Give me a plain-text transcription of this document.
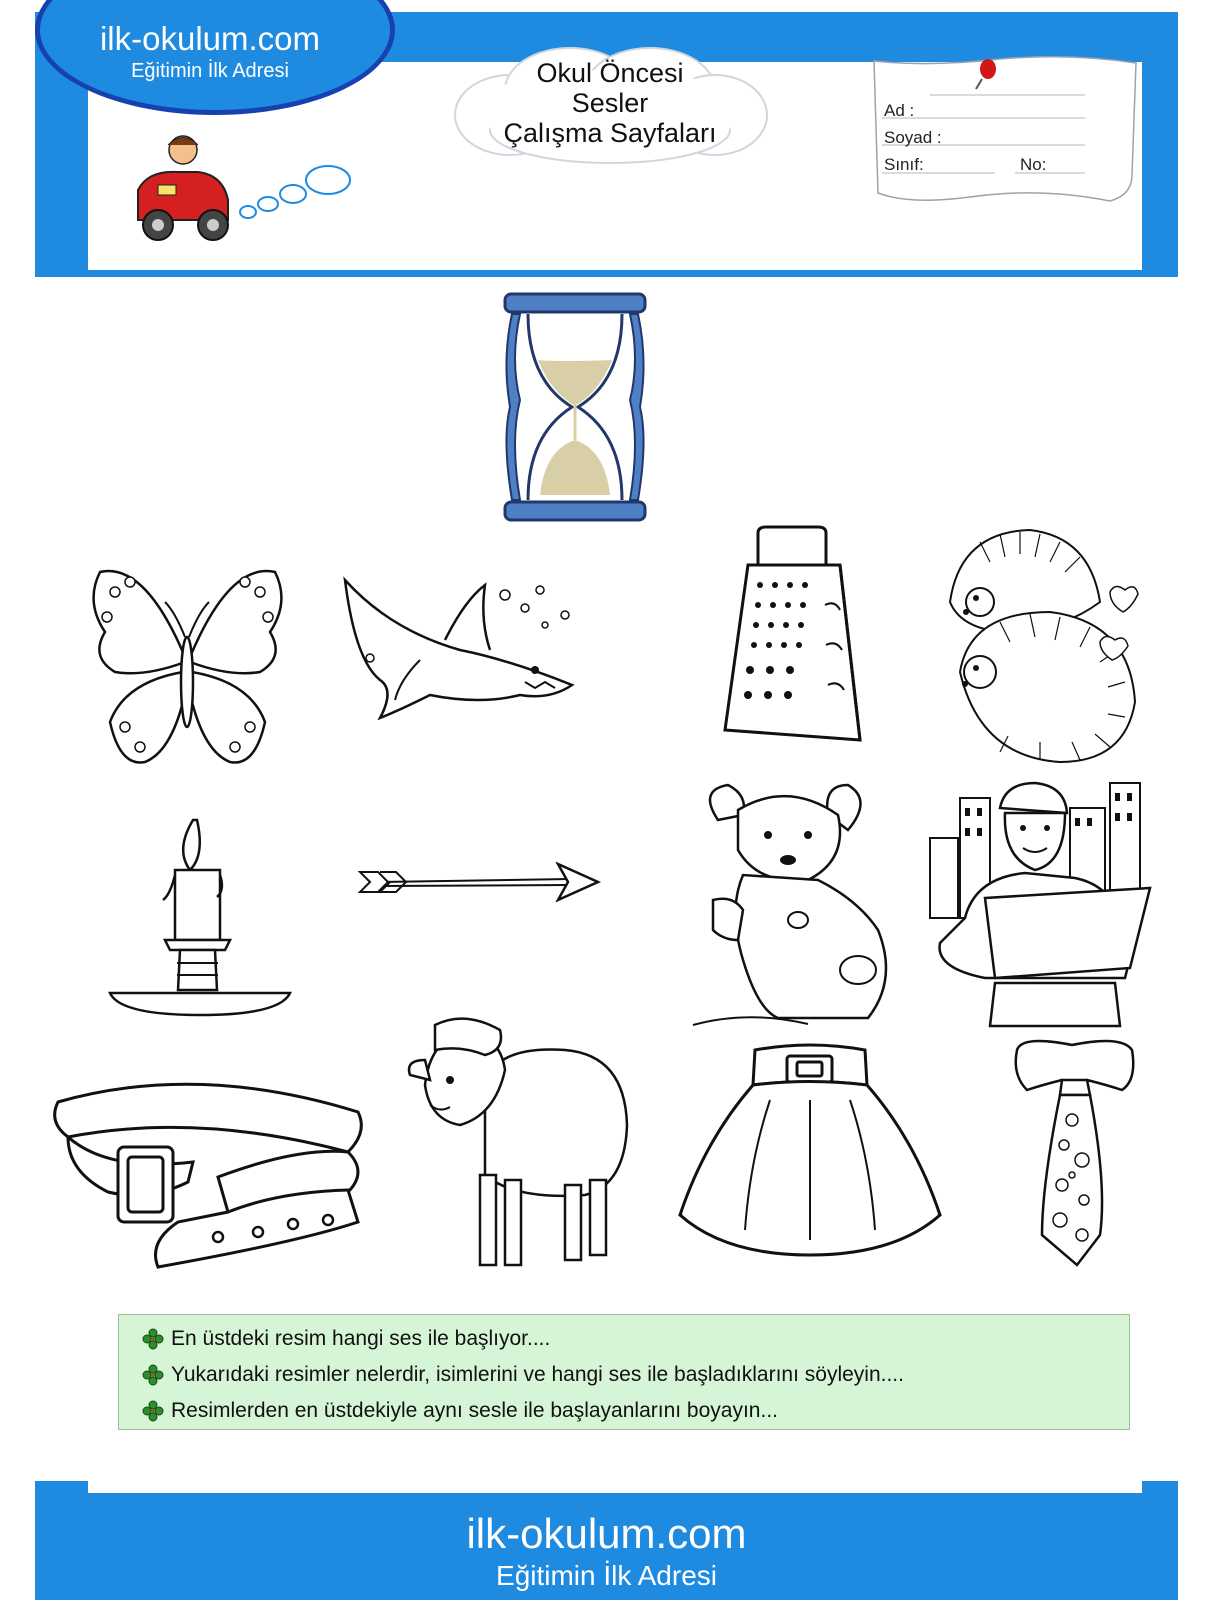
ilk-okulum.com
Eğitimin İlk Adresi	Okul Öncesi
Sesler
Çalışma Sayfaları
Ad :
Soyad :
Sınıf:	No:
En üstdeki resim hangi ses ile başlıyor....
Yukarıdaki resimler nelerdir, isimlerini ve hangi ses ile başladıklarını söyleyin....
Resimlerden en üstdekiyle aynı sesle ile başlayanlarını boyayın...
ilk-okulum.com
Eğitimin İlk Adresi
